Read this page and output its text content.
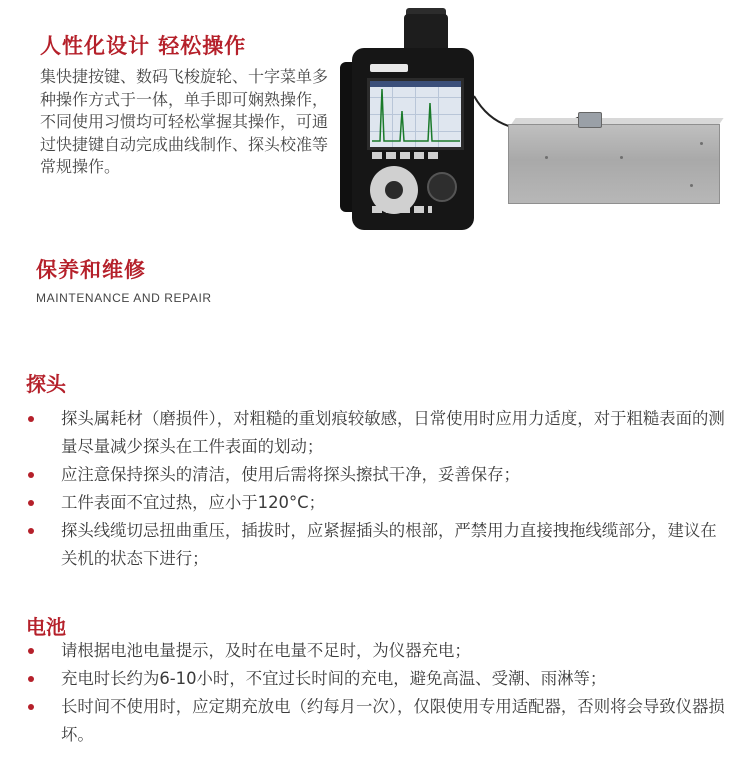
人性化设计 轻松操作
集快捷按键、数码飞梭旋轮、十字菜单多种操作方式于一体，单手即可娴熟操作，不同使用习惯均可轻松掌握其操作，可通过快捷键自动完成曲线制作、探头校准等常规操作。
保养和维修
MAINTENANCE AND REPAIR
探头
探头属耗材（磨损件），对粗糙的重划痕较敏感，日常使用时应用力适度，对于粗糙表面的测量尽量减少探头在工件表面的划动；
应注意保持探头的清洁，使用后需将探头擦拭干净，妥善保存；
工件表面不宜过热，应小于120°C；
探头线缆切忌扭曲重压，插拔时，应紧握插头的根部，严禁用力直接拽拖线缆部分，建议在关机的状态下进行；
电池
请根据电池电量提示，及时在电量不足时，为仪器充电；
充电时长约为6-10小时，不宜过长时间的充电，避免高温、受潮、雨淋等；
长时间不使用时，应定期充放电（约每月一次），仅限使用专用适配器，否则将会导致仪器损坏。
